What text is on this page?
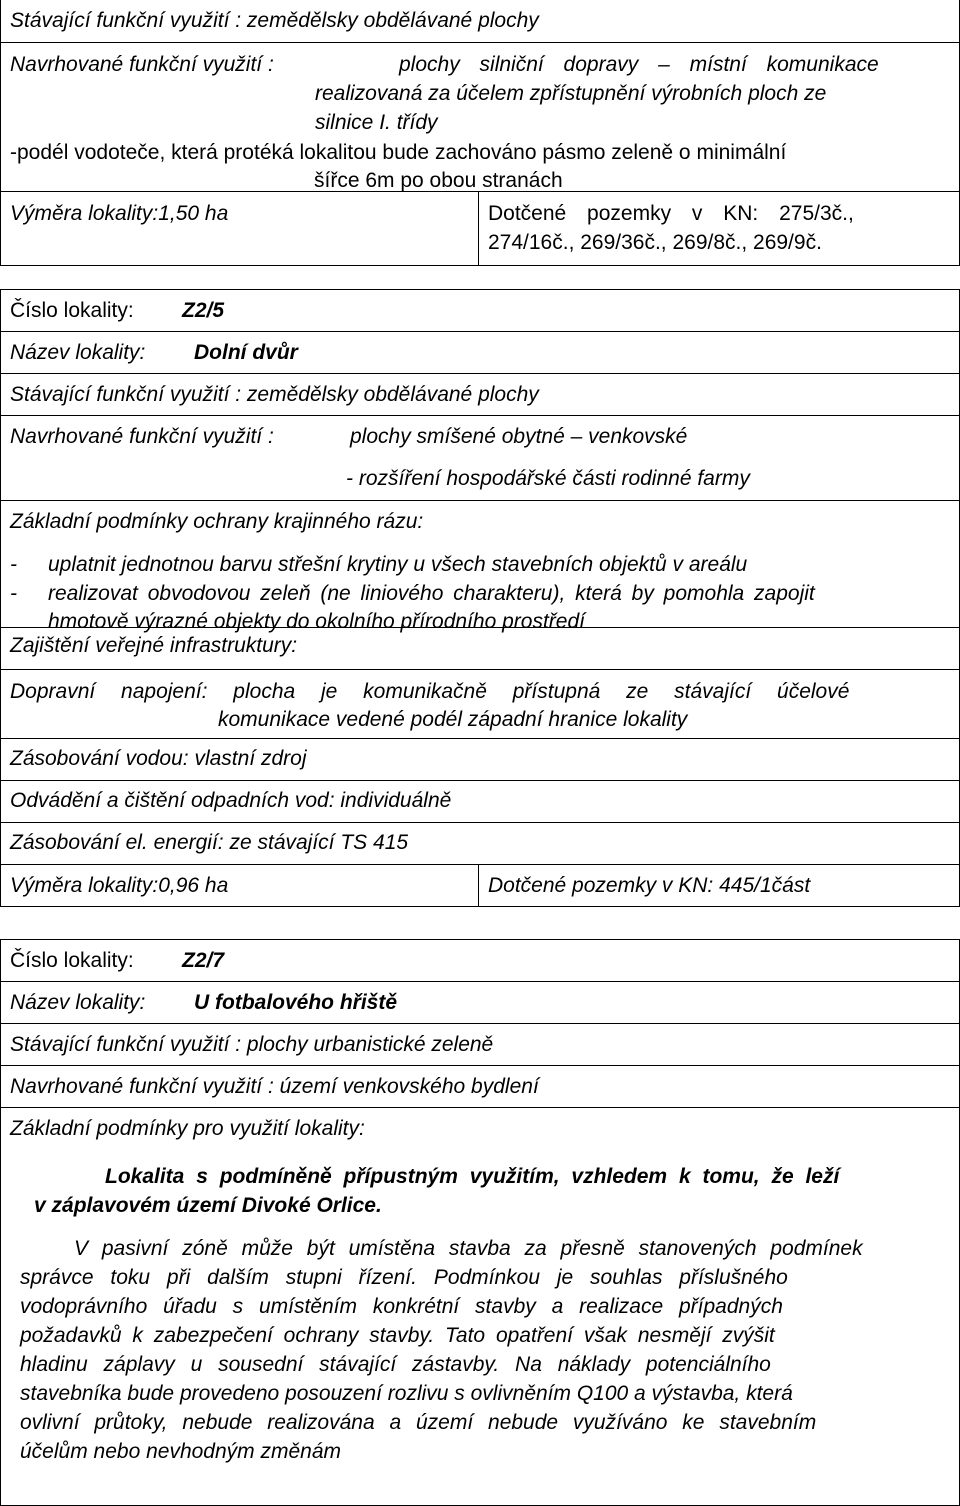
Stávající funkční využití : zemědělsky obdělávané plochy
Navrhované funkční využití :	plochy silniční dopravy – místní komunikace
realizovaná za účelem zpřístupnění výrobních ploch ze
silnice I. třídy
-podél vodoteče, která protéká lokalitou bude zachováno pásmo zeleně o minimální
šířce 6m po obou stranách
Výměra lokality:1,50 ha	Dotčené pozemky v KN: 275/3č.,
274/16č., 269/36č., 269/8č., 269/9č.
Číslo lokality: Z2/5
Název lokality: Dolní dvůr
Stávající funkční využití : zemědělsky obdělávané plochy
Navrhované funkční využití :	plochy smíšené obytné – venkovské
- rozšíření hospodářské části rodinné farmy
Základní podmínky ochrany krajinného rázu:
- uplatnit jednotnou barvu střešní krytiny u všech stavebních objektů v areálu
- realizovat obvodovou zeleň (ne liniového charakteru), která by pomohla zapojit
hmotově výrazné objekty do okolního přírodního prostředí
Zajištění veřejné infrastruktury:
Dopravní napojení: plocha je komunikačně přístupná ze stávající účelové
komunikace vedené podél západní hranice lokality
Zásobování vodou: vlastní zdroj
Odvádění a čištění odpadních vod: individuálně
Zásobování el. energií: ze stávající TS 415
Výměra lokality:0,96 ha	Dotčené pozemky v KN: 445/1část
Číslo lokality: Z2/7
Název lokality: U fotbalového hřiště
Stávající funkční využití : plochy urbanistické zeleně
Navrhované funkční využití : území venkovského bydlení
Základní podmínky pro využití lokality:
Lokalita s podmíněně přípustným využitím, vzhledem k tomu, že leží
v záplavovém území Divoké Orlice.
V pasivní zóně může být umístěna stavba za přesně stanovených podmínek
správce toku při dalším stupni řízení. Podmínkou je souhlas příslušného
vodoprávního úřadu s umístěním konkrétní stavby a realizace případných
požadavků k zabezpečení ochrany stavby. Tato opatření však nesmějí zvýšit
hladinu záplavy u sousední stávající zástavby. Na náklady potenciálního
stavebníka bude provedeno posouzení rozlivu s ovlivněním Q100 a výstavba, která
ovlivní průtoky, nebude realizována a území nebude využíváno ke stavebním
účelům nebo nevhodným změnám
